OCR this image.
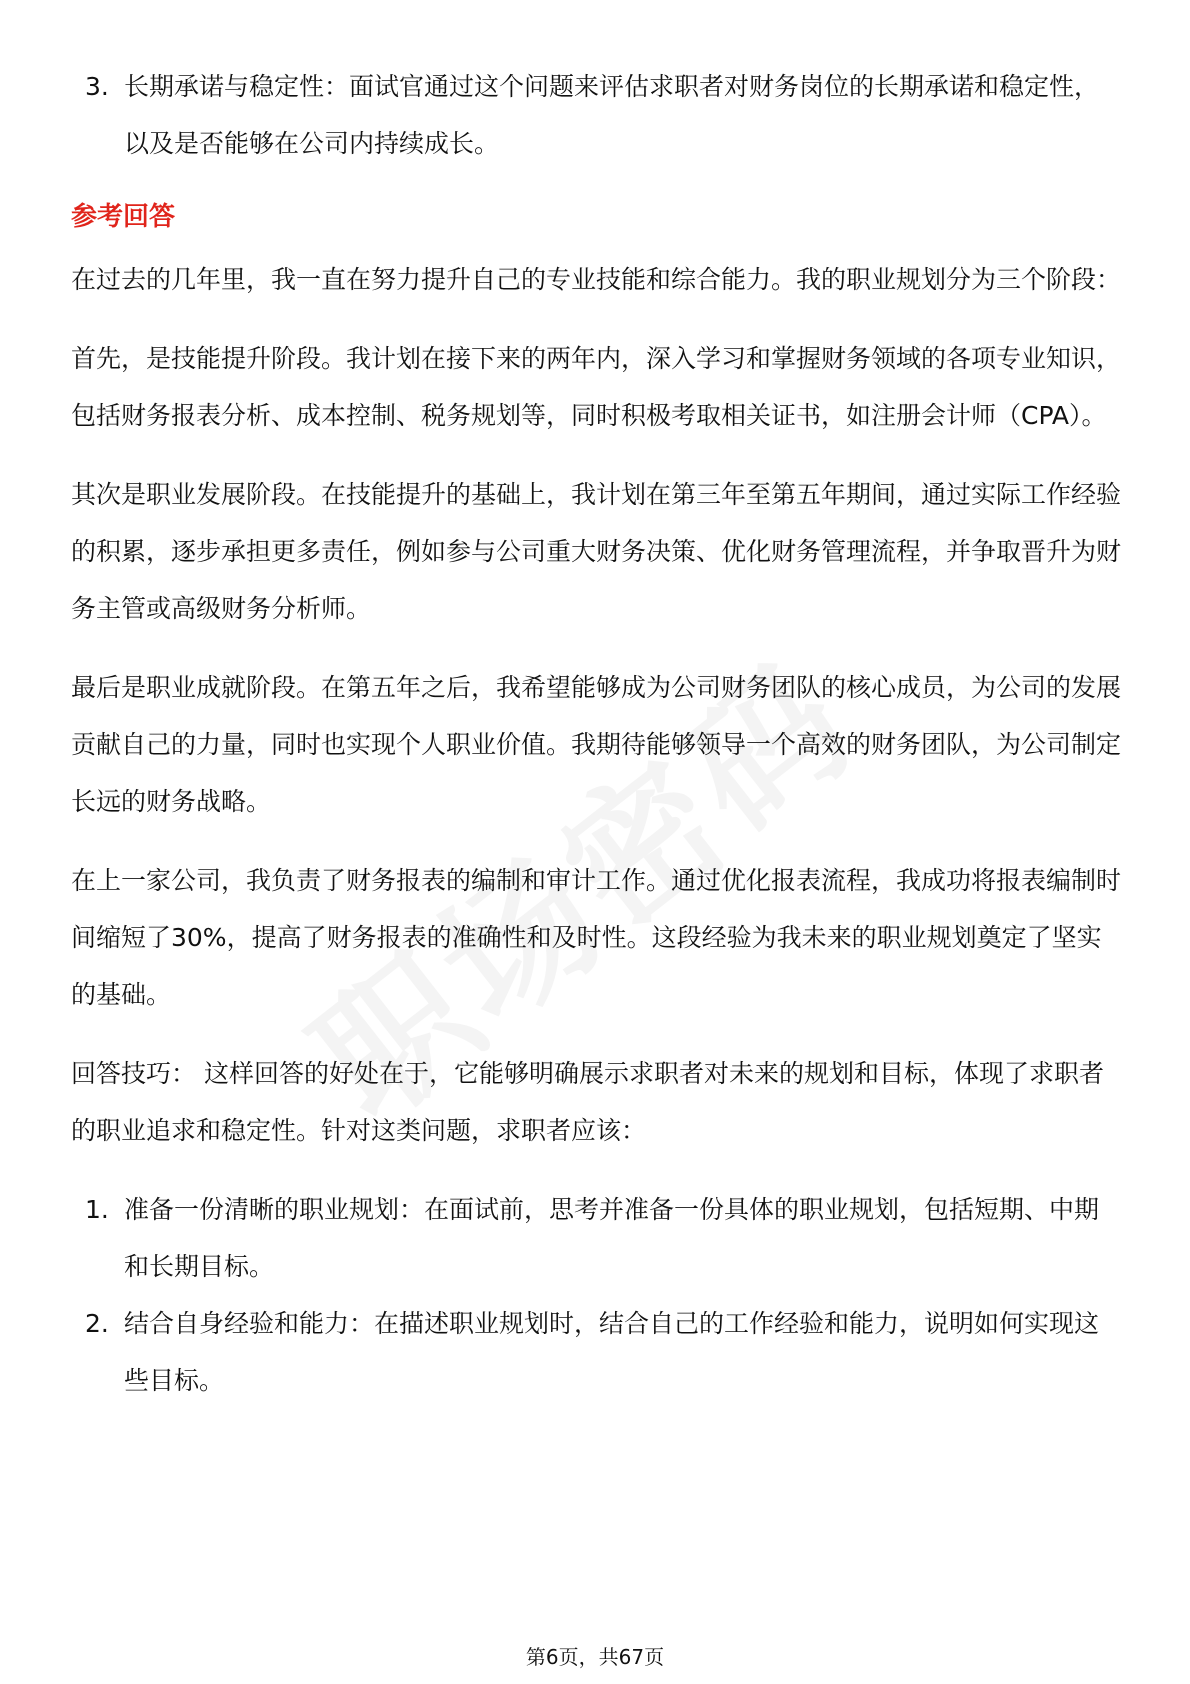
3. 长期承诺与稳定性：面试官通过这个问题来评估求职者对财务岗位的长期承诺和稳定性，以及是否能够在公司内持续成长。
参考回答

在过去的几年里，我一直在努力提升自己的专业技能和综合能力。我的职业规划分为三个阶段：

首先，是技能提升阶段。我计划在接下来的两年内，深入学习和掌握财务领域的各项专业知识，包括财务报表分析、成本控制、税务规划等，同时积极考取相关证书，如注册会计师（CPA）。

其次是职业发展阶段。在技能提升的基础上，我计划在第三年至第五年期间，通过实际工作经验的积累，逐步承担更多责任，例如参与公司重大财务决策、优化财务管理流程，并争取晋升为财务主管或高级财务分析师。

最后是职业成就阶段。在第五年之后，我希望能够成为公司财务团队的核心成员，为公司的发展贡献自己的力量，同时也实现个人职业价值。我期待能够领导一个高效的财务团队，为公司制定长远的财务战略。

在上一家公司，我负责了财务报表的编制和审计工作。通过优化报表流程，我成功将报表编制时间缩短了30%，提高了财务报表的准确性和及时性。这段经验为我未来的职业规划奠定了坚实的基础。

回答技巧： 这样回答的好处在于，它能够明确展示求职者对未来的规划和目标，体现了求职者的职业追求和稳定性。针对这类问题，求职者应该：

1. 准备一份清晰的职业规划：在面试前，思考并准备一份具体的职业规划，包括短期、中期和长期目标。
2. 结合自身经验和能力：在描述职业规划时，结合自己的工作经验和能力，说明如何实现这些目标。
第6页，共67页
